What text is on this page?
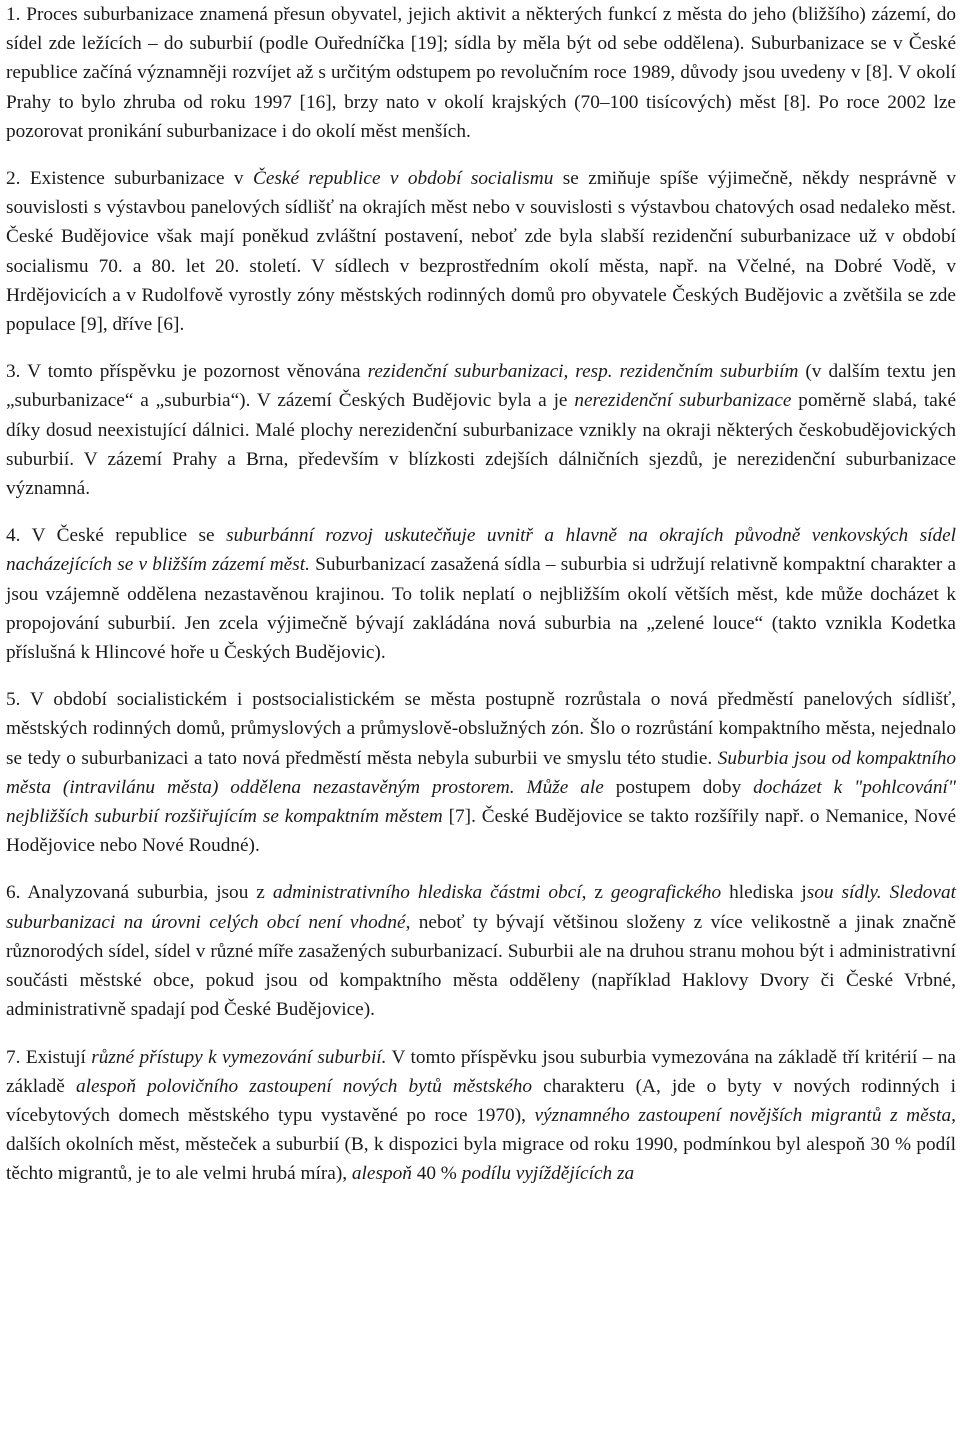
1. Proces suburbanizace znamená přesun obyvatel, jejich aktivit a některých funkcí z města do jeho (bližšího) zázemí, do sídel zde ležících – do suburbií (podle Ouředníčka [19]; sídla by měla být od sebe oddělena). Suburbanizace se v České republice začíná významněji rozvíjet až s určitým odstupem po revolučním roce 1989, důvody jsou uvedeny v [8]. V okolí Prahy to bylo zhruba od roku 1997 [16], brzy nato v okolí krajských (70–100 tisícových) měst [8]. Po roce 2002 lze pozorovat pronikání suburbanizace i do okolí měst menších.

2. Existence suburbanizace v České republice v období socialismu se zmiňuje spíše výjimečně, někdy nesprávně v souvislosti s výstavbou panelových sídlišť na okrajích měst nebo v souvislosti s výstavbou chatových osad nedaleko měst. České Budějovice však mají poněkud zvláštní postavení, neboť zde byla slabší rezidenční suburbanizace už v období socialismu 70. a 80. let 20. století. V sídlech v bezprostředním okolí města, např. na Včelné, na Dobré Vodě, v Hrdějovicích a v Rudolfově vyrostly zóny městských rodinných domů pro obyvatele Českých Budějovic a zvětšila se zde populace [9], dříve [6].

3. V tomto příspěvku je pozornost věnována rezidenční suburbanizaci, resp. rezidenčním suburbiím (v dalším textu jen „suburbanizace“ a „suburbia“). V zázemí Českých Budějovic byla a je nerezidenční suburbanizace poměrně slabá, také díky dosud neexistující dálnici. Malé plochy nerezidenční suburbanizace vznikly na okraji některých českobudějovických suburbií. V zázemí Prahy a Brna, především v blízkosti zdejších dálničních sjezdů, je nerezidenční suburbanizace významná.

4. V České republice se suburbánní rozvoj uskutečňuje uvnitř a hlavně na okrajích původně venkovských sídel nacházejících se v bližším zázemí měst. Suburbanizací zasažená sídla – suburbia si udržují relativně kompaktní charakter a jsou vzájemně oddělena nezastavěnou krajinou. To tolik neplatí o nejbližším okolí větších měst, kde může docházet k propojování suburbií. Jen zcela výjimečně bývají zakládána nová suburbia na „zelené louce“ (takto vznikla Kodetka příslušná k Hlincové hoře u Českých Budějovic).

5. V období socialistickém i postsocialistickém se města postupně rozrůstala o nová předměstí panelových sídlišť, městských rodinných domů, průmyslových a průmyslově-obslužných zón. Šlo o rozrůstání kompaktního města, nejednalo se tedy o suburbanizaci a tato nová předměstí města nebyla suburbii ve smyslu této studie. Suburbia jsou od kompaktního města (intravilánu města) oddělena nezastavěným prostorem. Může ale postupem doby docházet k "pohlcování" nejbližších suburbií rozšiřujícím se kompaktním městem [7]. České Budějovice se takto rozšířily např. o Nemanice, Nové Hodějovice nebo Nové Roudné).

6. Analyzovaná suburbia, jsou z administrativního hlediska částmi obcí, z geografického hlediska jsou sídly. Sledovat suburbanizaci na úrovni celých obcí není vhodné, neboť ty bývají většinou složeny z více velikostně a jinak značně různorodých sídel, sídel v různé míře zasažených suburbanizací. Suburbii ale na druhou stranu mohou být i administrativní součásti městské obce, pokud jsou od kompaktního města odděleny (například Haklovy Dvory či České Vrbné, administrativně spadají pod České Budějovice).

7. Existují různé přístupy k vymezování suburbií. V tomto příspěvku jsou suburbia vymezována na základě tří kritérií – na základě alespoň polovičního zastoupení nových bytů městského charakteru (A, jde o byty v nových rodinných i vícebytových domech městského typu vystavěné po roce 1970), významného zastoupení novějších migrantů z města, dalších okolních měst, městeček a suburbií (B, k dispozici byla migrace od roku 1990, podmínkou byl alespoň 30 % podíl těchto migrantů, je to ale velmi hrubá míra), alespoň 40 % podílu vyjíždějících za
